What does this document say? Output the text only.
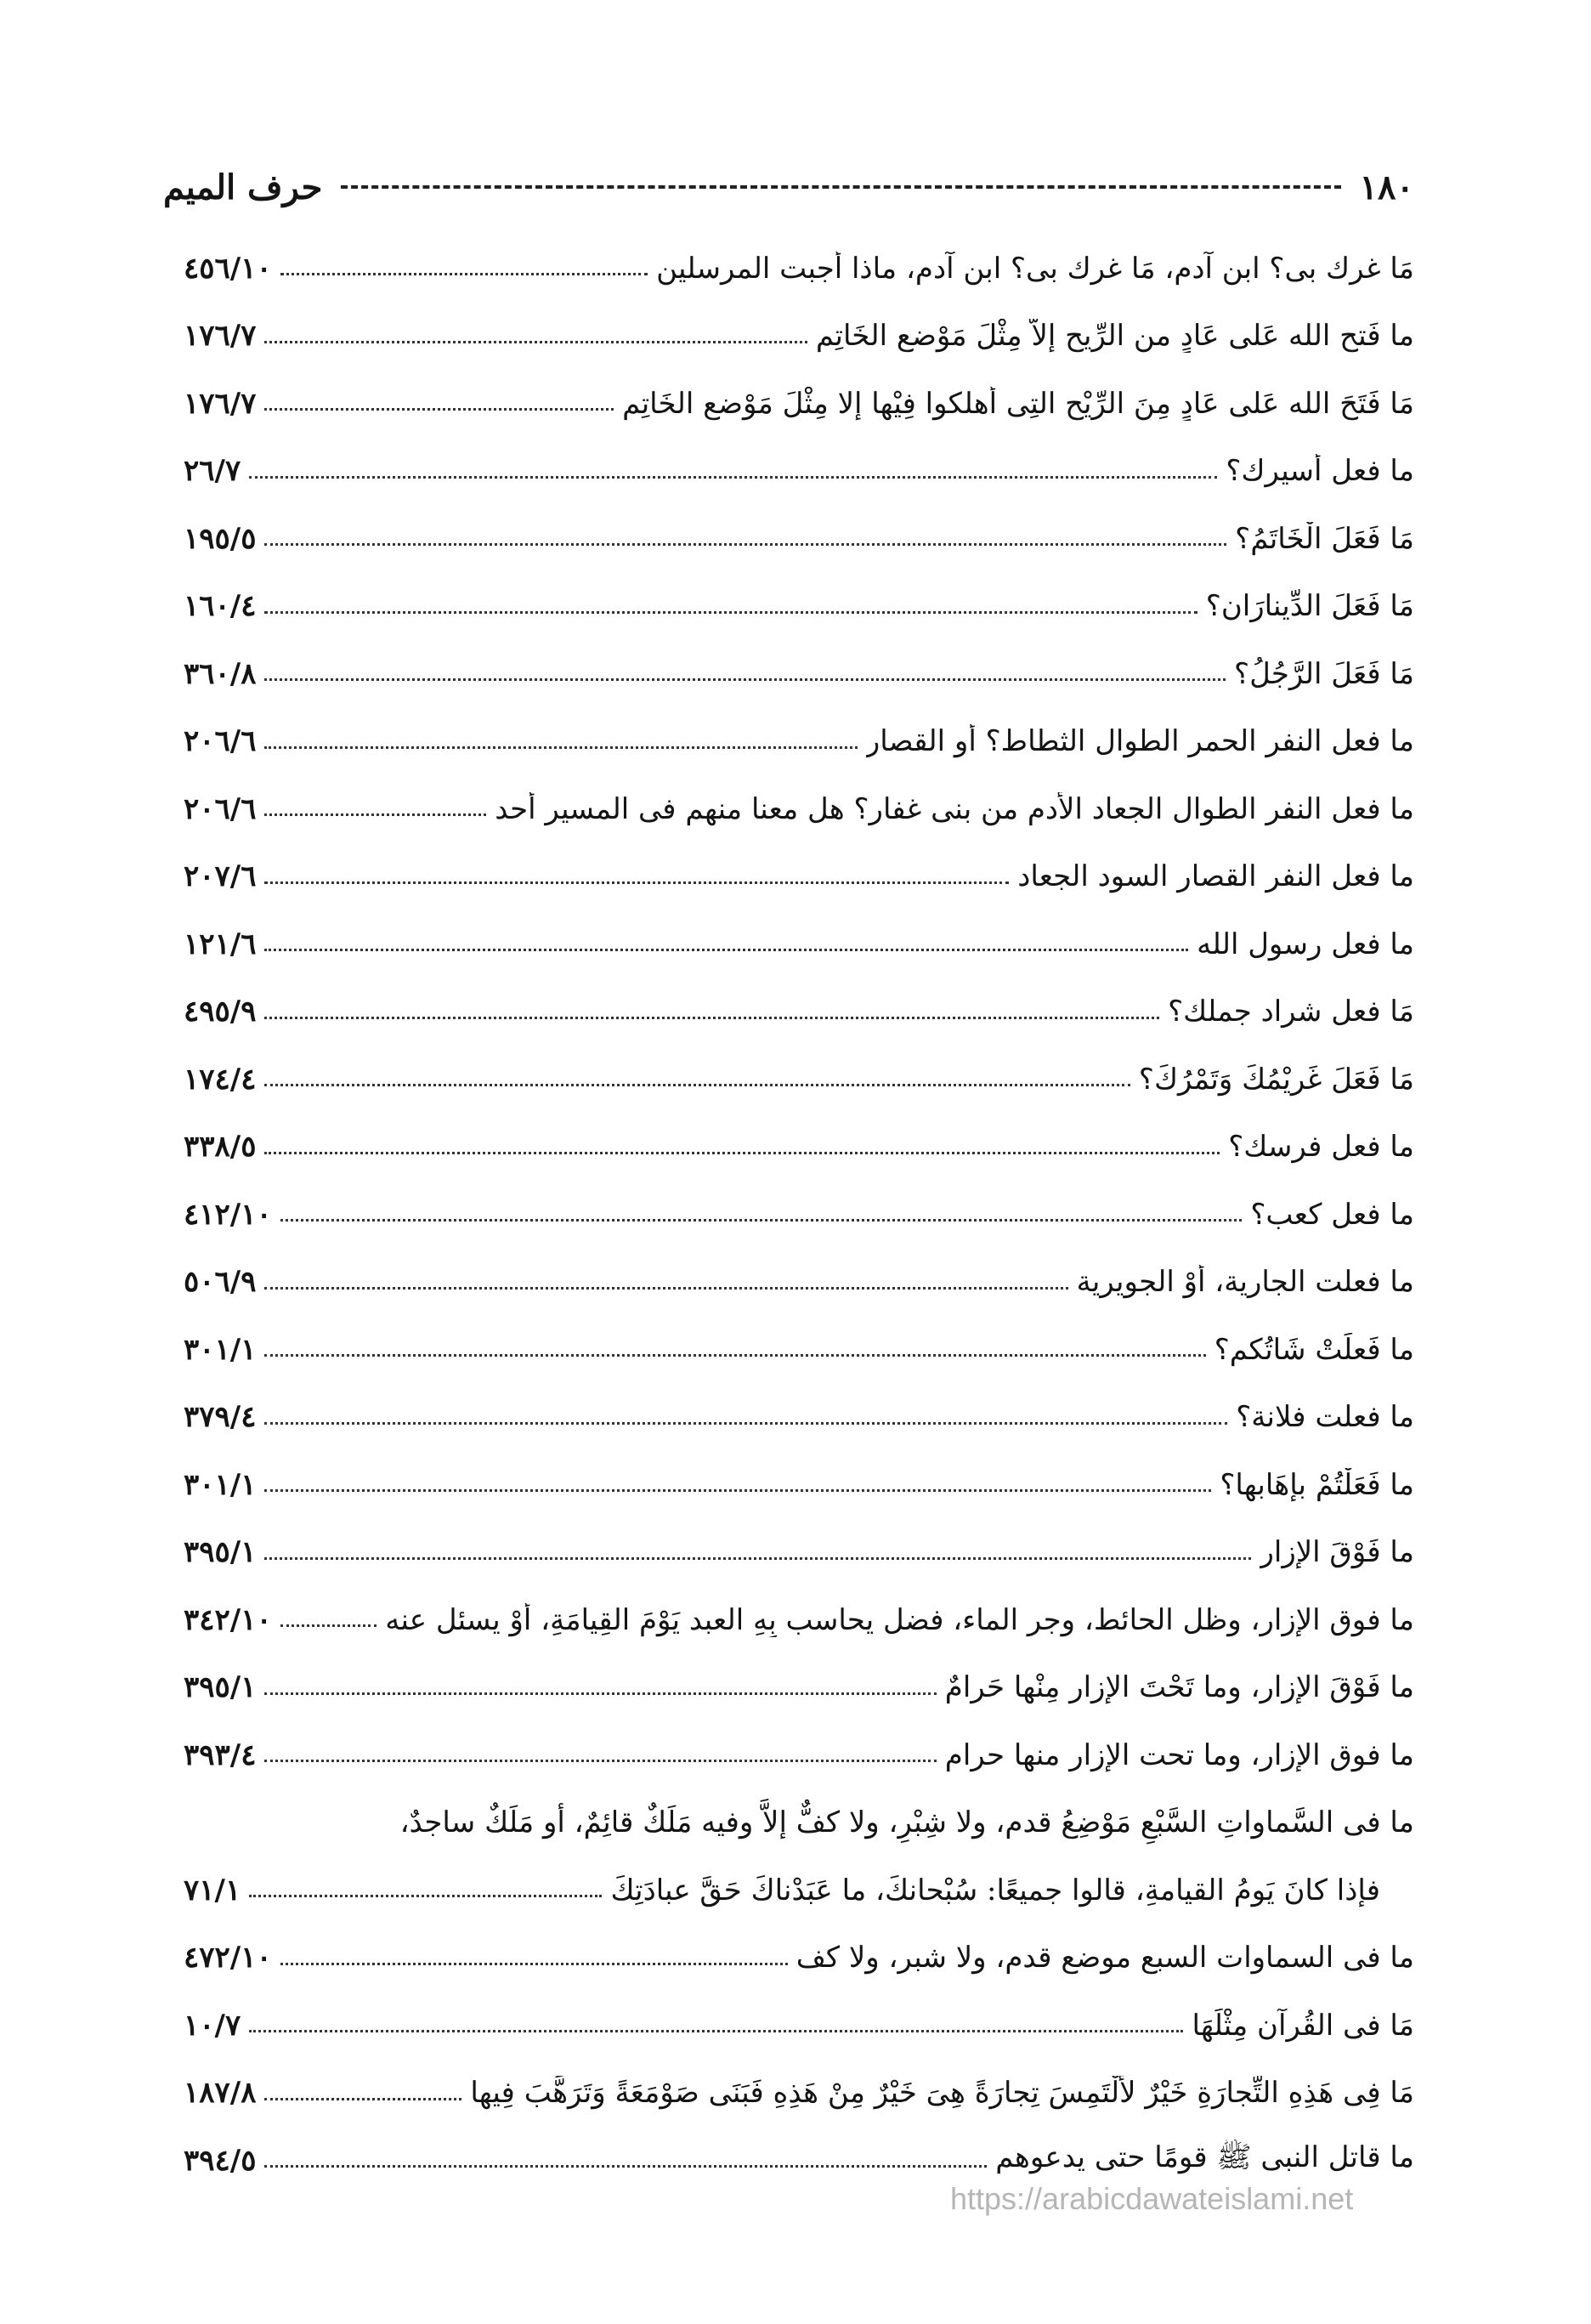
١٨٠
حرف الميم
مَا غرك بى؟ ابن آدم، مَا غرك بى؟ ابن آدم، ماذا أجبت المرسلين
٤٥٦/١٠
ما فَتح الله عَلى عَادٍ من الرِّيح إلاَّ مِثْلَ مَوْضعِ الخَاتِمِ
١٧٦/٧
مَا فَتَحَ الله عَلى عَادٍ مِنَ الرِّيْحِ التِى أهلكوا فِيْها إلا مِثْلَ مَوْضعِ الخَاتِمِ
١٧٦/٧
ما فعل أسيرك؟
٢٦/٧
مَا فَعَلَ الْخَاتَمُ؟
١٩٥/٥
مَا فَعَلَ الدِّينارَان؟
١٦٠/٤
مَا فَعَلَ الرَّجُلُ؟
٣٦٠/٨
ما فعل النفر الحمر الطوال الثطاط؟ أو القصار
٢٠٦/٦
ما فعل النفر الطوال الجعاد الأدم من بنى غفار؟ هل معنا منهم فى المسير أحد
٢٠٦/٦
ما فعل النفر القصار السود الجعاد
٢٠٧/٦
ما فعل رسول الله
١٢١/٦
مَا فعل شراد جملك؟
٤٩٥/٩
مَا فَعَلَ غَرِيْمُكَ وَتَمْرُكَ؟
١٧٤/٤
ما فعل فرسك؟
٣٣٨/٥
ما فعل كعب؟
٤١٢/١٠
ما فعلت الجارية، أوْ الجويرية
٥٠٦/٩
ما فَعلَتْ شَاتُكم؟
٣٠١/١
ما فعلت فلانة؟
٣٧٩/٤
ما فَعَلْتُمْ بإهَابها؟
٣٠١/١
ما فَوْقَ الإزار
٣٩٥/١
ما فوق الإزار، وظل الحائط، وجر الماء، فضل يحاسب بِهِ العبد يَوْمَ القِيامَةِ، أوْ يسئل عنه
٣٤٢/١٠
ما فَوْقَ الإزار، وما تَحْتَ الإزار مِنْها حَرامٌ
٣٩٥/١
ما فوق الإزار، وما تحت الإزار منها حرام
٣٩٣/٤
ما فى السَّماواتِ السَّبْعِ مَوْضِعُ قدم، ولا شِبْرِ، ولا كفٌّ إلاَّ وفيه مَلَكٌ قائِمٌ، أو مَلَكٌ ساجدٌ،
فإذا كانَ يَومُ القيامةِ، قالوا جميعًا: سُبْحانكَ، ما عَبَدْناكَ حَقَّ عبادَتِكَ
٧١/١
ما فى السماوات السبع موضع قدم، ولا شبر، ولا كف
٤٧٢/١٠
مَا فى القُرآن مِثْلَهَا
١٠/٧
مَا فِى هَذِهِ التِّجارَةِ خَيْرٌ لألْتَمِسَ تِجارَةً هِىَ خَيْرٌ مِنْ هَذِهِ فَبَنَى صَوْمَعَةً وَتَرَهَّبَ فِيها
١٨٧/٨
ما قاتل النبى ﷺ قومًا حتى يدعوهم
٣٩٤/٥
https://arabicdawateislami.net
